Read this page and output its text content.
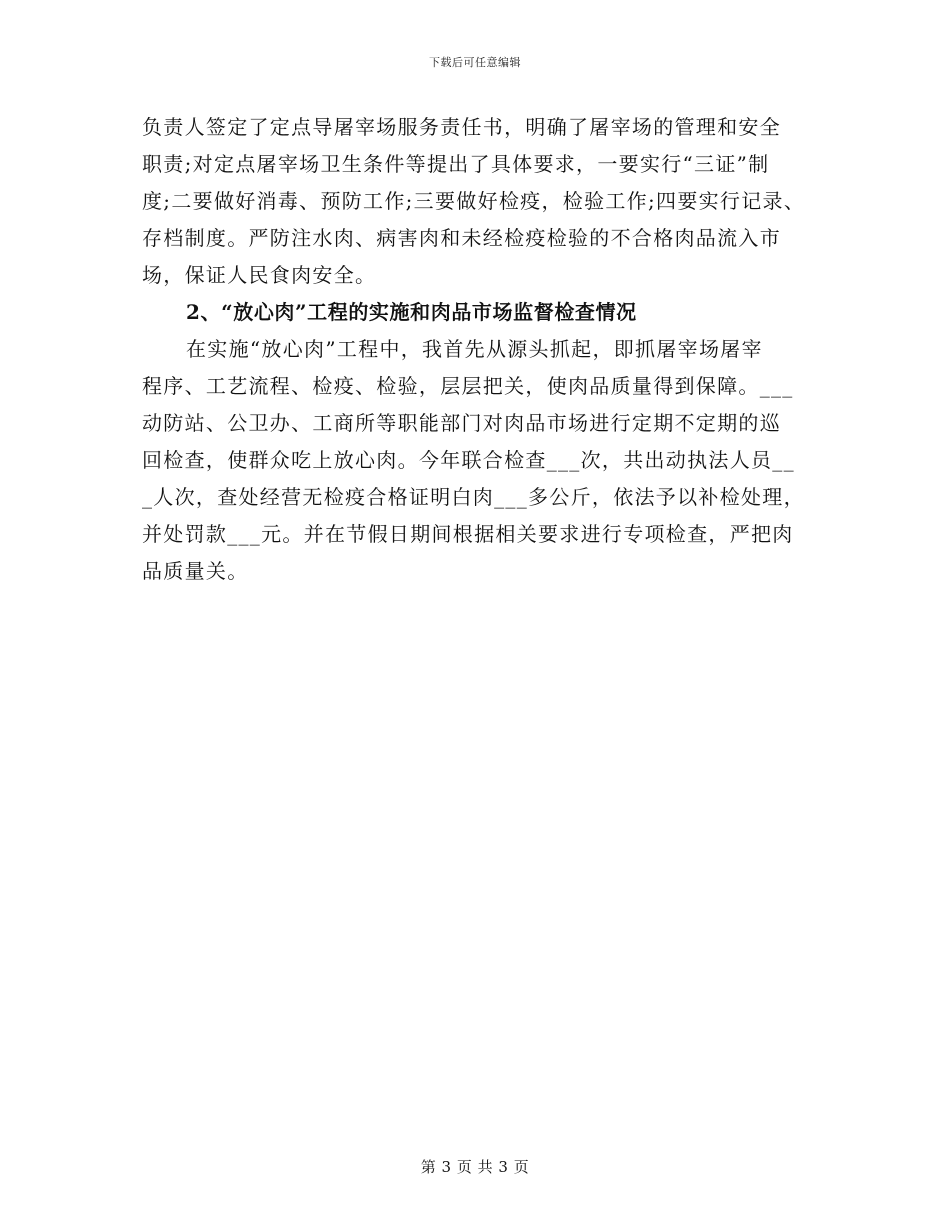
下载后可任意编辑
负责人签定了定点导屠宰场服务责任书，明确了屠宰场的管理和安全
职责;对定点屠宰场卫生条件等提出了具体要求，一要实行“三证”制
度;二要做好消毒、预防工作;三要做好检疫，检验工作;四要实行记录、
存档制度。严防注水肉、病害肉和未经检疫检验的不合格肉品流入市
场，保证人民食肉安全。
2、“放心肉”工程的实施和肉品市场监督检查情况
在实施“放心肉”工程中，我首先从源头抓起，即抓屠宰场屠宰
程序、工艺流程、检疫、检验，层层把关，使肉品质量得到保障。___
动防站、公卫办、工商所等职能部门对肉品市场进行定期不定期的巡
回检查，使群众吃上放心肉。今年联合检查___次，共出动执法人员__
_人次，查处经营无检疫合格证明白肉___多公斤，依法予以补检处理，
并处罚款___元。并在节假日期间根据相关要求进行专项检查，严把肉
品质量关。
第 3 页 共 3 页
